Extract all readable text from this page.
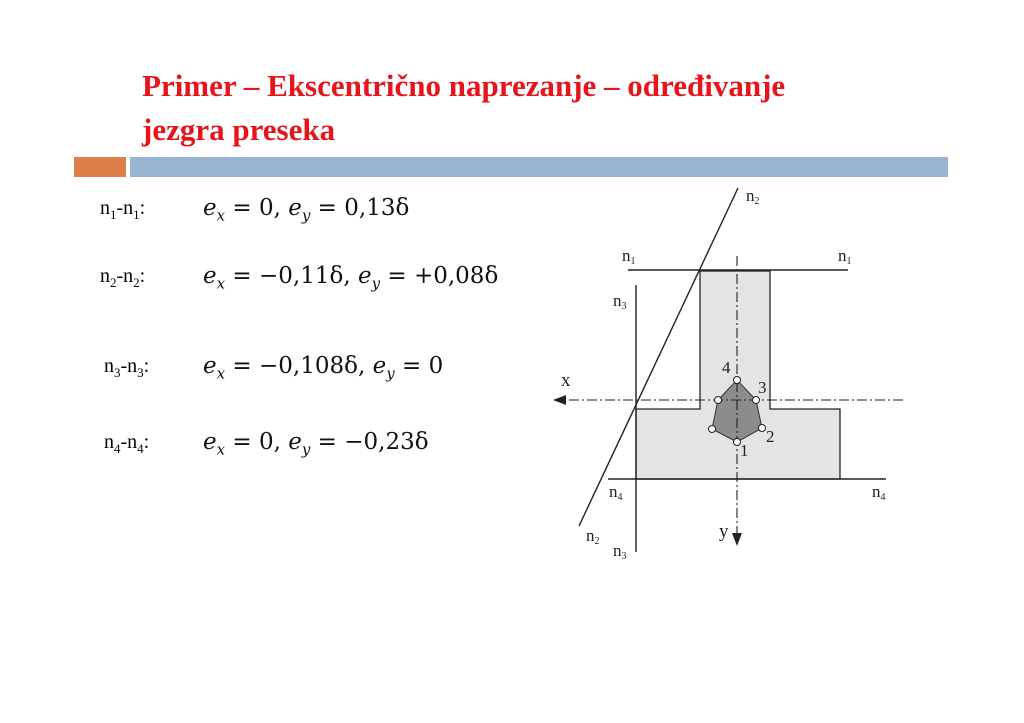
Primer – Ekscentrično naprezanje – određivanje
jezgra preseka
$n_1-n_1$:	$e_x = 0$, $e_y = 0,13\delta$
$n_2-n_2$:	$e_x = -0,11\delta$, $e_y = +0,08\delta$
$n_3-n_3$: $e_x = -0,108\delta$, $e_y = 0$
$n_4-n_4$: $e_x = 0$, $e_y = -0,23\delta$
n2
n1	n1
n3
x
4
3
2
1
n4	n4
y
n2 n3
